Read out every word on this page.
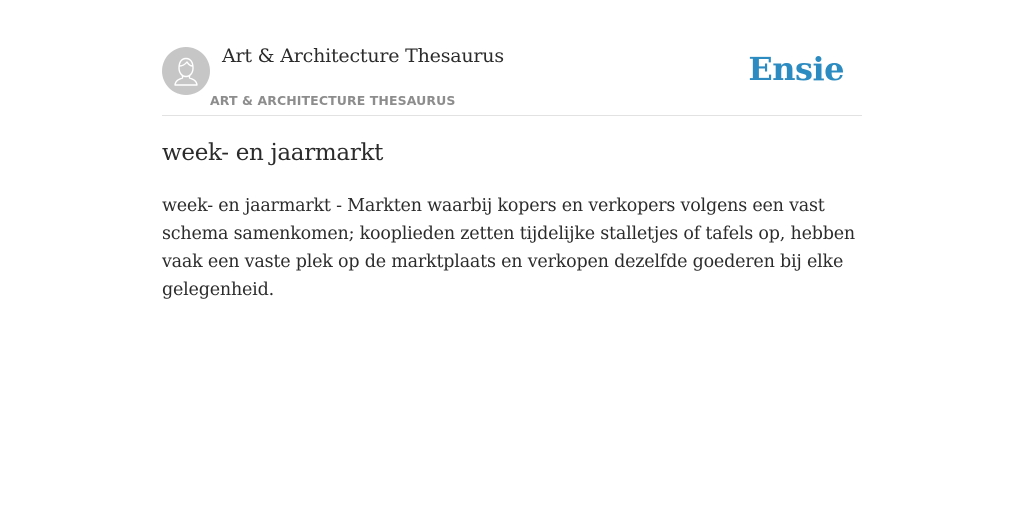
Art & Architecture Thesaurus
ART & ARCHITECTURE THESAURUS
Ensie
week- en jaarmarkt

week- en jaarmarkt - Markten waarbij kopers en verkopers volgens een vast schema samenkomen; kooplieden zetten tijdelijke stalletjes of tafels op, hebben vaak een vaste plek op de marktplaats en verkopen dezelfde goederen bij elke gelegenheid.
